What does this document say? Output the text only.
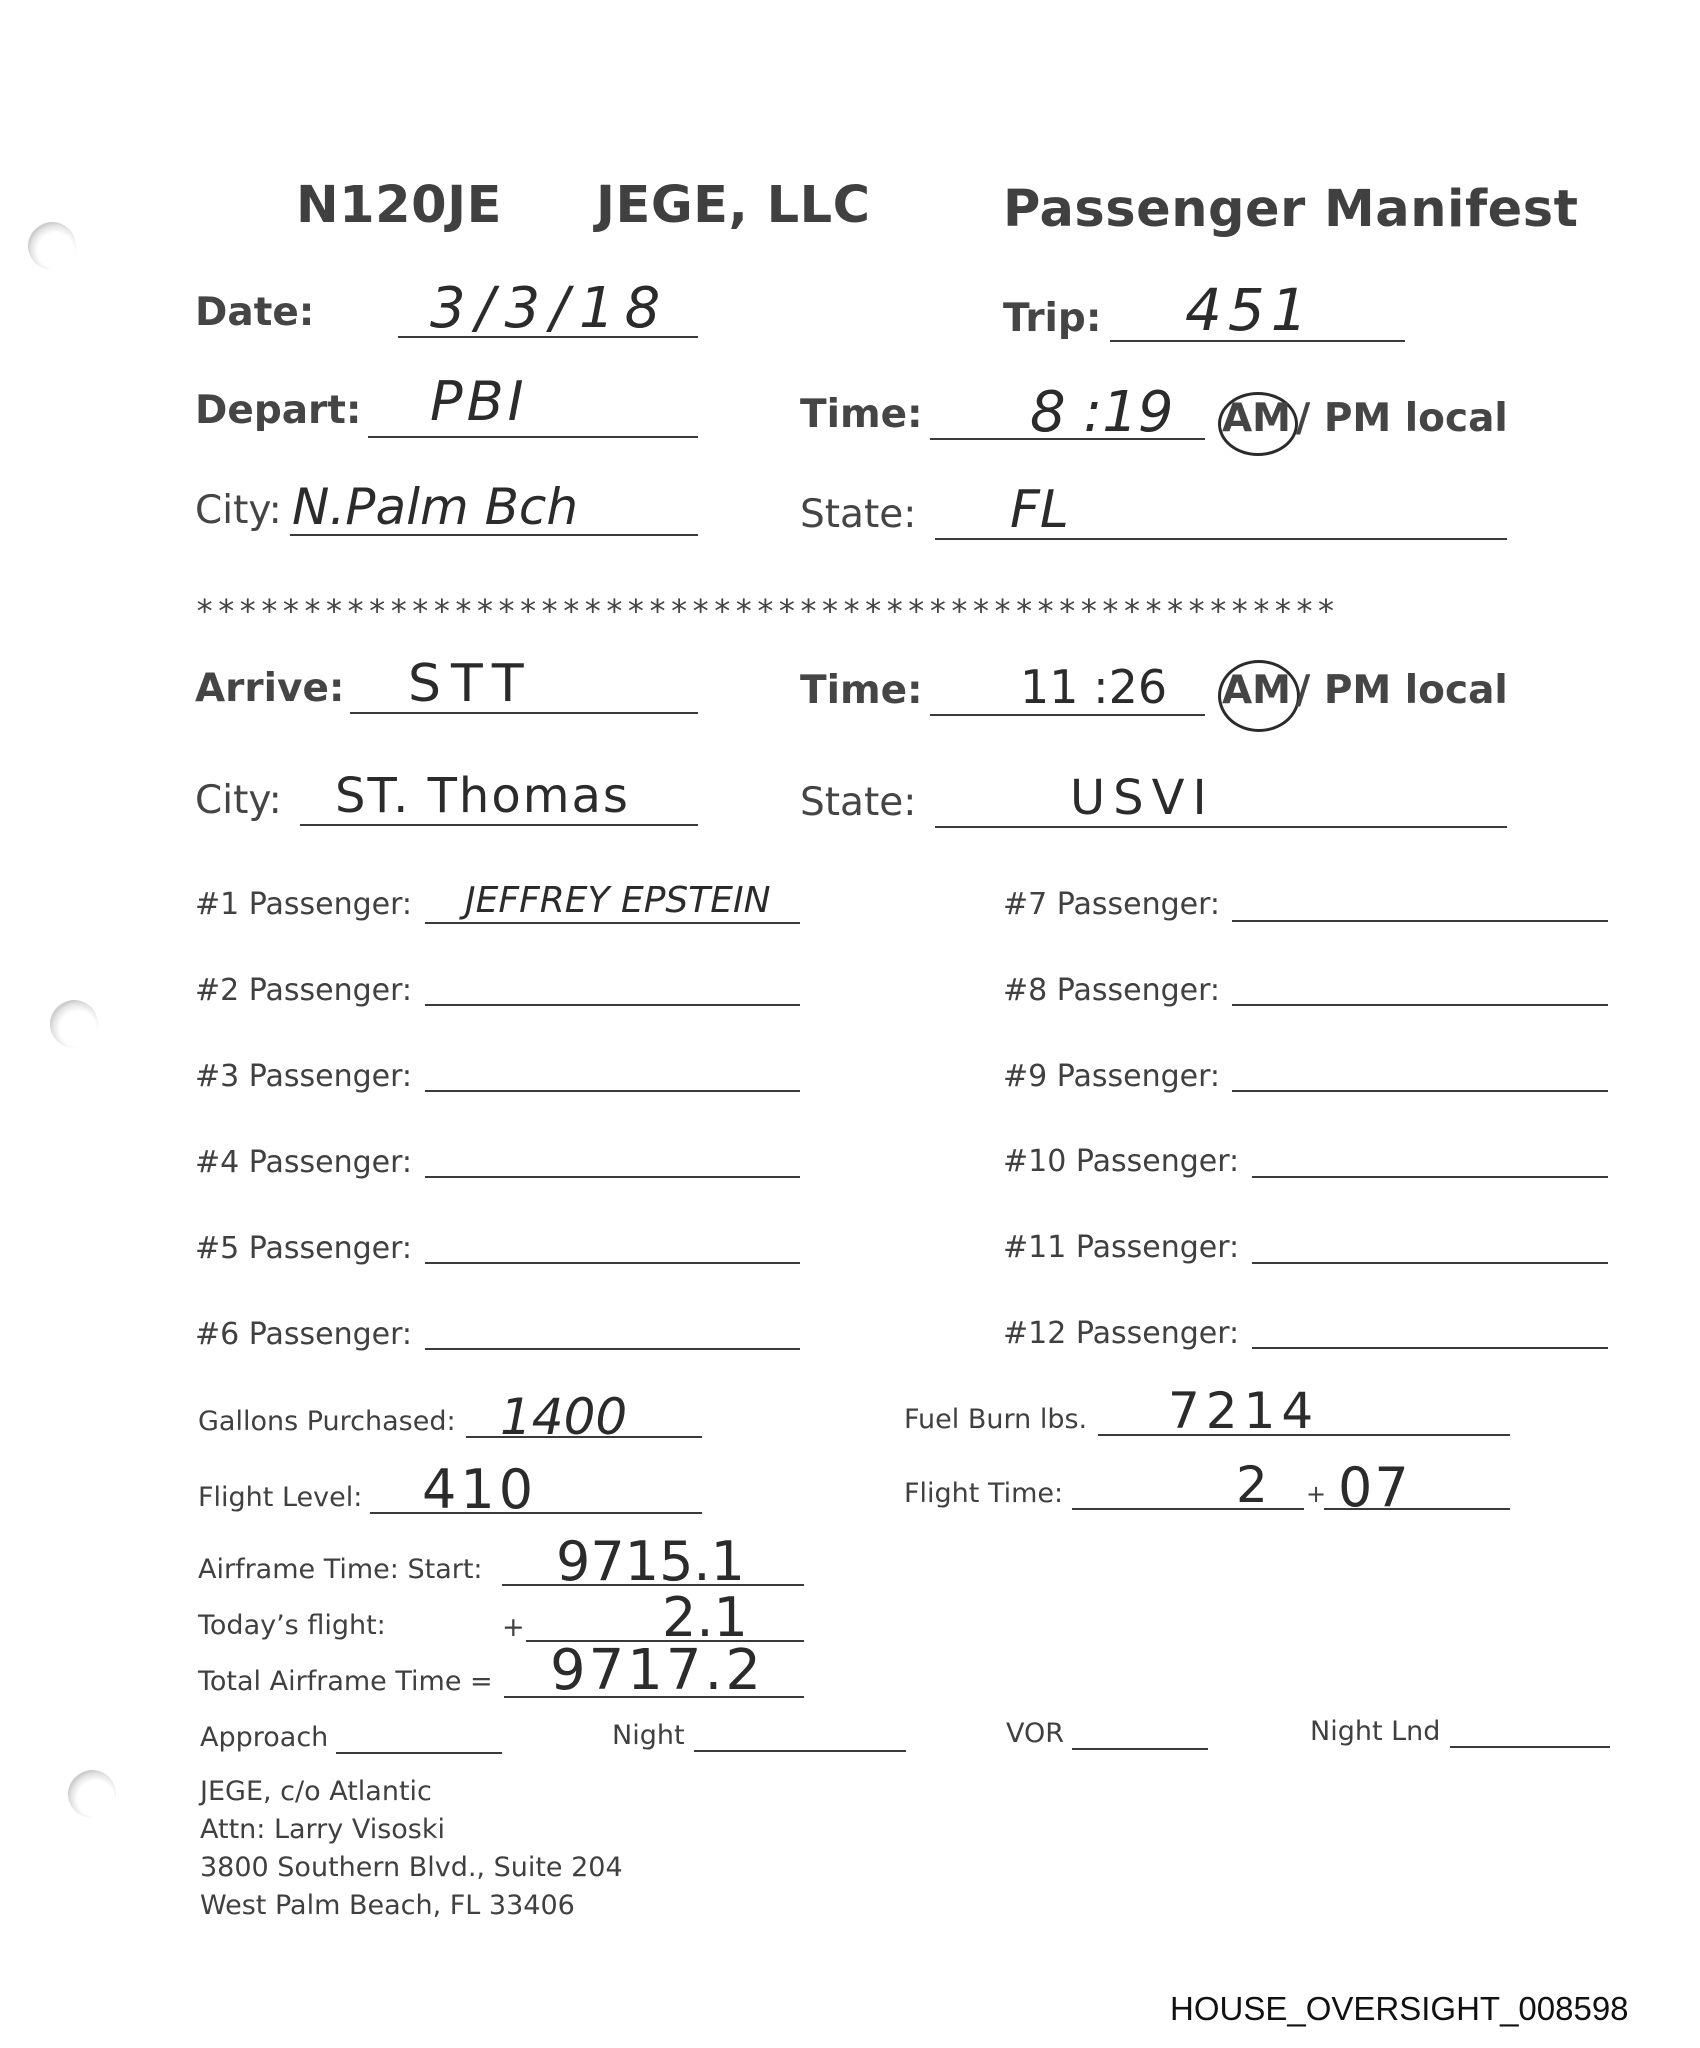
N120JE JEGE, LLC	Passenger Manifest
Date: 3/3/18	Trip: 451
Depart: PBI	Time: 8 :19 AM / PM local
City: N.Palm Bch	State: FL
*****************************************************
Arrive: STT	Time: 11 :26 AM / PM local
City: ST. Thomas	State:	USVI
#1 Passenger: JEFFREY EPSTEIN
#2 Passenger:
#3 Passenger:
#4 Passenger:
#5 Passenger:
#6 Passenger:
#7 Passenger:
#8 Passenger:
#9 Passenger:
#10 Passenger:
#11 Passenger:
#12 Passenger:
Gallons Purchased: 1400	Fuel Burn lbs. 7214
Flight Level: 410	Flight Time:	2 + 07
Airframe Time: Start: 9715.1
Today’s flight:	+	2.1
Total Airframe Time = 9717.2
Approach	Night	VOR	Night Lnd
JEGE, c/o Atlantic
Attn: Larry Visoski
3800 Southern Blvd., Suite 204
West Palm Beach, FL 33406
HOUSE_OVERSIGHT_008598
